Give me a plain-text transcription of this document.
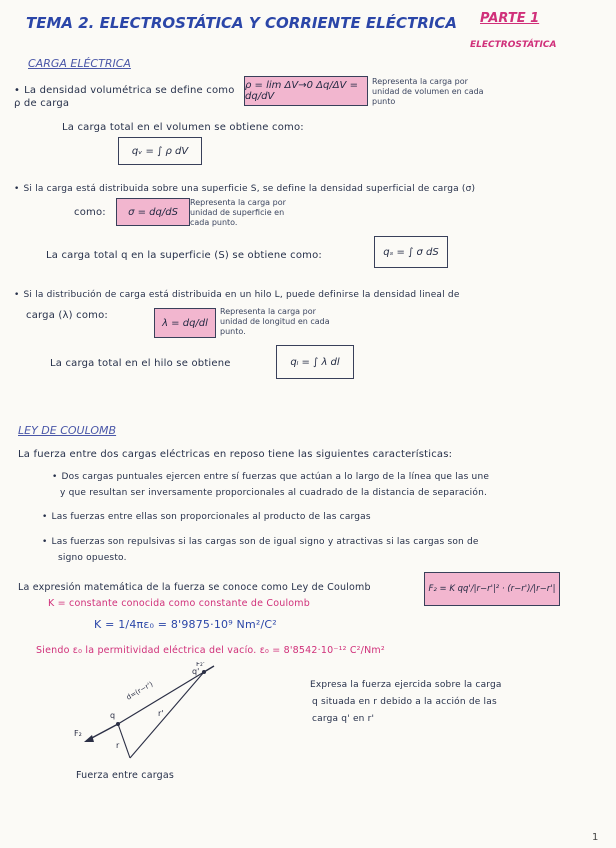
TEMA 2. ELECTROSTÁTICA Y CORRIENTE ELÉCTRICA PARTE 1
ELECTROSTÁTICA
CARGA ELÉCTRICA
• La densidad volumétrica se define como ρ de carga
ρ = lim ΔV→0 Δq/ΔV = dq/dV
Representa la carga por unidad de volumen en cada punto
La carga total en el volumen se obtiene como:
qᵥ = ∫ ρ dV
• Si la carga está distribuida sobre una superficie S, se define la densidad superficial de carga (σ)
como:	σ = dq/dS
Representa la carga por unidad de superficie en cada punto.
La carga total q en la superficie (S) se obtiene como:	qₛ = ∫ σ dS
• Si la distribución de carga está distribuida en un hilo L, puede definirse la densidad lineal de
carga (λ) como:
λ = dq/dl
Representa la carga por unidad de longitud en cada punto.
La carga total en el hilo se obtiene	qₗ = ∫ λ dl
LEY DE COULOMB
La fuerza entre dos cargas eléctricas en reposo tiene las siguientes características:
• Dos cargas puntuales ejercen entre sí fuerzas que actúan a lo largo de la línea que las une
y que resultan ser inversamente proporcionales al cuadrado de la distancia de separación.
• Las fuerzas entre ellas son proporcionales al producto de las cargas
• Las fuerzas son repulsivas si las cargas son de igual signo y atractivas si las cargas son de
signo opuesto.
La expresión matemática de la fuerza se conoce como Ley de Coulomb	F₂ = K qq'/|r−r'|² · (r−r')/|r−r'|
K = constante conocida como constante de Coulomb
K = 1/4πε₀ = 8'9875·10⁹ Nm²/C²
Siendo ε₀ la permitividad eléctrica del vacío. ε₀ = 8'8542·10⁻¹² C²/Nm²
q
q'
d=(r−r')
r
r'
F₂
F₂'
Expresa la fuerza ejercida sobre la carga
q situada en r debido a la acción de las
carga q' en r'
Fuerza entre cargas
1
